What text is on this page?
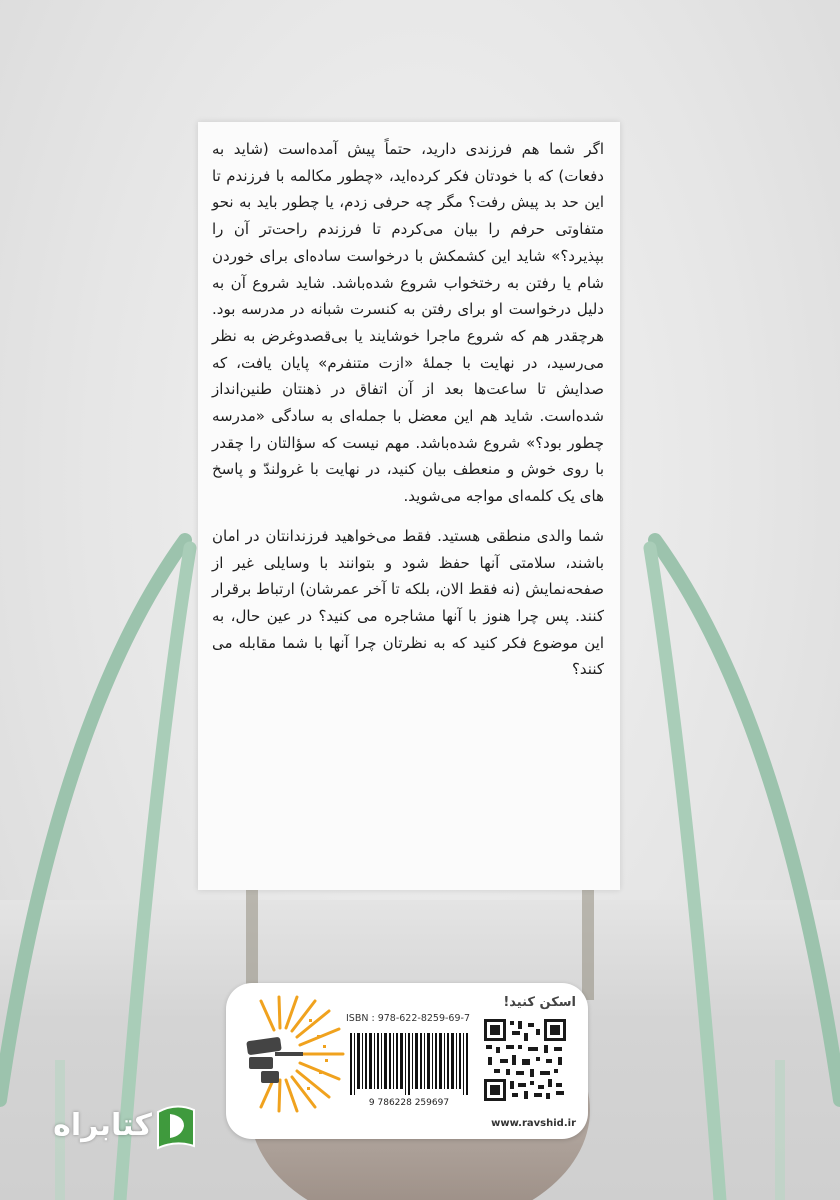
اگر شما هم فرزندی دارید، حتماً پیش آمده‌است (شاید به دفعات) که با خودتان فکر کرده‌اید، «چطور مکالمه با فرزندم تا این حد بد پیش رفت؟ مگر چه حرفی زدم، یا چطور باید به نحو متفاوتی حرفم را بیان می‌کردم تا فرزندم راحت‌تر آن را بپذیرد؟» شاید این کشمکش با درخواست ساده‌ای برای خوردن شام یا رفتن به رختخواب شروع شده‌باشد. شاید شروع آن به دلیل درخواست او برای رفتن به کنسرت شبانه در مدرسه بود. هرچقدر هم که شروع ماجرا خوشایند یا بی‌قصدوغرض به نظر می‌رسید، در نهایت با جملهٔ «ازت متنفرم» پایان یافت، که صدایش تا ساعت‌ها بعد از آن اتفاق در ذهنتان طنین‌انداز شده‌است. شاید هم این معضل با جمله‌ای به سادگی «مدرسه چطور بود؟» شروع شده‌باشد. مهم نیست که سؤالتان را چقدر با روی خوش و منعطف بیان کنید، در نهایت با غرولندّ و پاسخ های یک کلمه‌ای مواجه می‌شوید.

شما والدی منطقی هستید. فقط می‌خواهید فرزندانتان در امان باشند، سلامتی آنها حفظ شود و بتوانند با وسایلی غیر از صفحه‌نمایش (نه فقط الان، بلکه تا آخر عمرشان) ارتباط برقرار کنند. پس چرا هنوز با آنها مشاجره می کنید؟ در عین حال، به این موضوع فکر کنید که به نظرتان چرا آنها با شما مقابله می کنند؟

ISBN : 978-622-8259-69-7
9 786228 259697
اسکن کنید!
www.ravshid.ir
کتابراه
